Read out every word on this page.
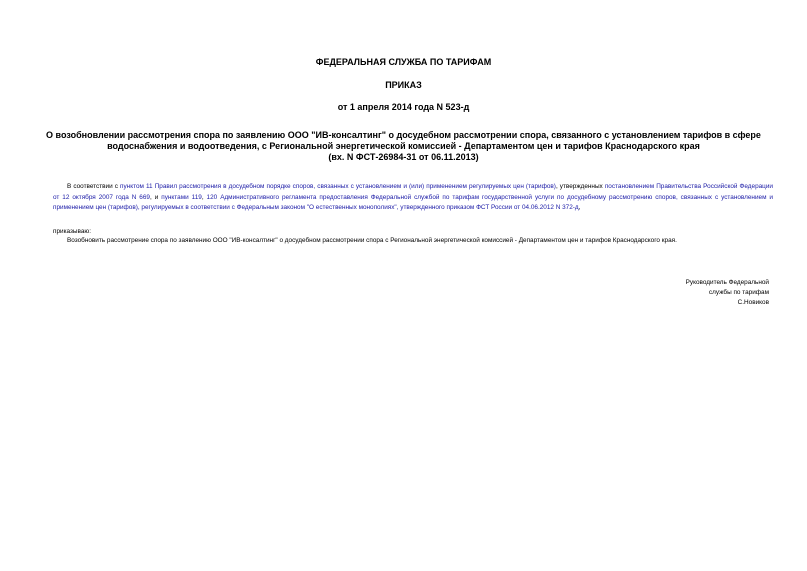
ФЕДЕРАЛЬНАЯ СЛУЖБА ПО ТАРИФАМ
ПРИКАЗ
от 1 апреля 2014 года N 523-д
О возобновлении рассмотрения спора по заявлению ООО "ИВ-консалтинг" о досудебном рассмотрении спора, связанного с установлением тарифов в сфере
водоснабжения и водоотведения, с Региональной энергетической комиссией - Департаментом цен и тарифов Краснодарского края
(вх. N ФСТ-26984-31 от 06.11.2013)
В соответствии с пунктом 11 Правил рассмотрения в досудебном порядке споров, связанных с установлением и (или) применением регулируемых цен (тарифов), утвержденных постановлением Правительства Российской Федерации от 12 октября 2007 года N 669, и пунктами 119, 120 Административного регламента предоставления Федеральной службой по тарифам государственной услуги по досудебному рассмотрению споров, связанных с установлением и применением цен (тарифов), регулируемых в соответствии с Федеральным законом "О естественных монополиях", утвержденного приказом ФСТ России от 04.06.2012 N 372-д,
приказываю:
Возобновить рассмотрение спора по заявлению ООО "ИВ-консалтинг" о досудебном рассмотрении спора с Региональной энергетической комиссией - Департаментом цен и тарифов Краснодарского края.
Руководитель Федеральной
службы по тарифам
С.Новиков
